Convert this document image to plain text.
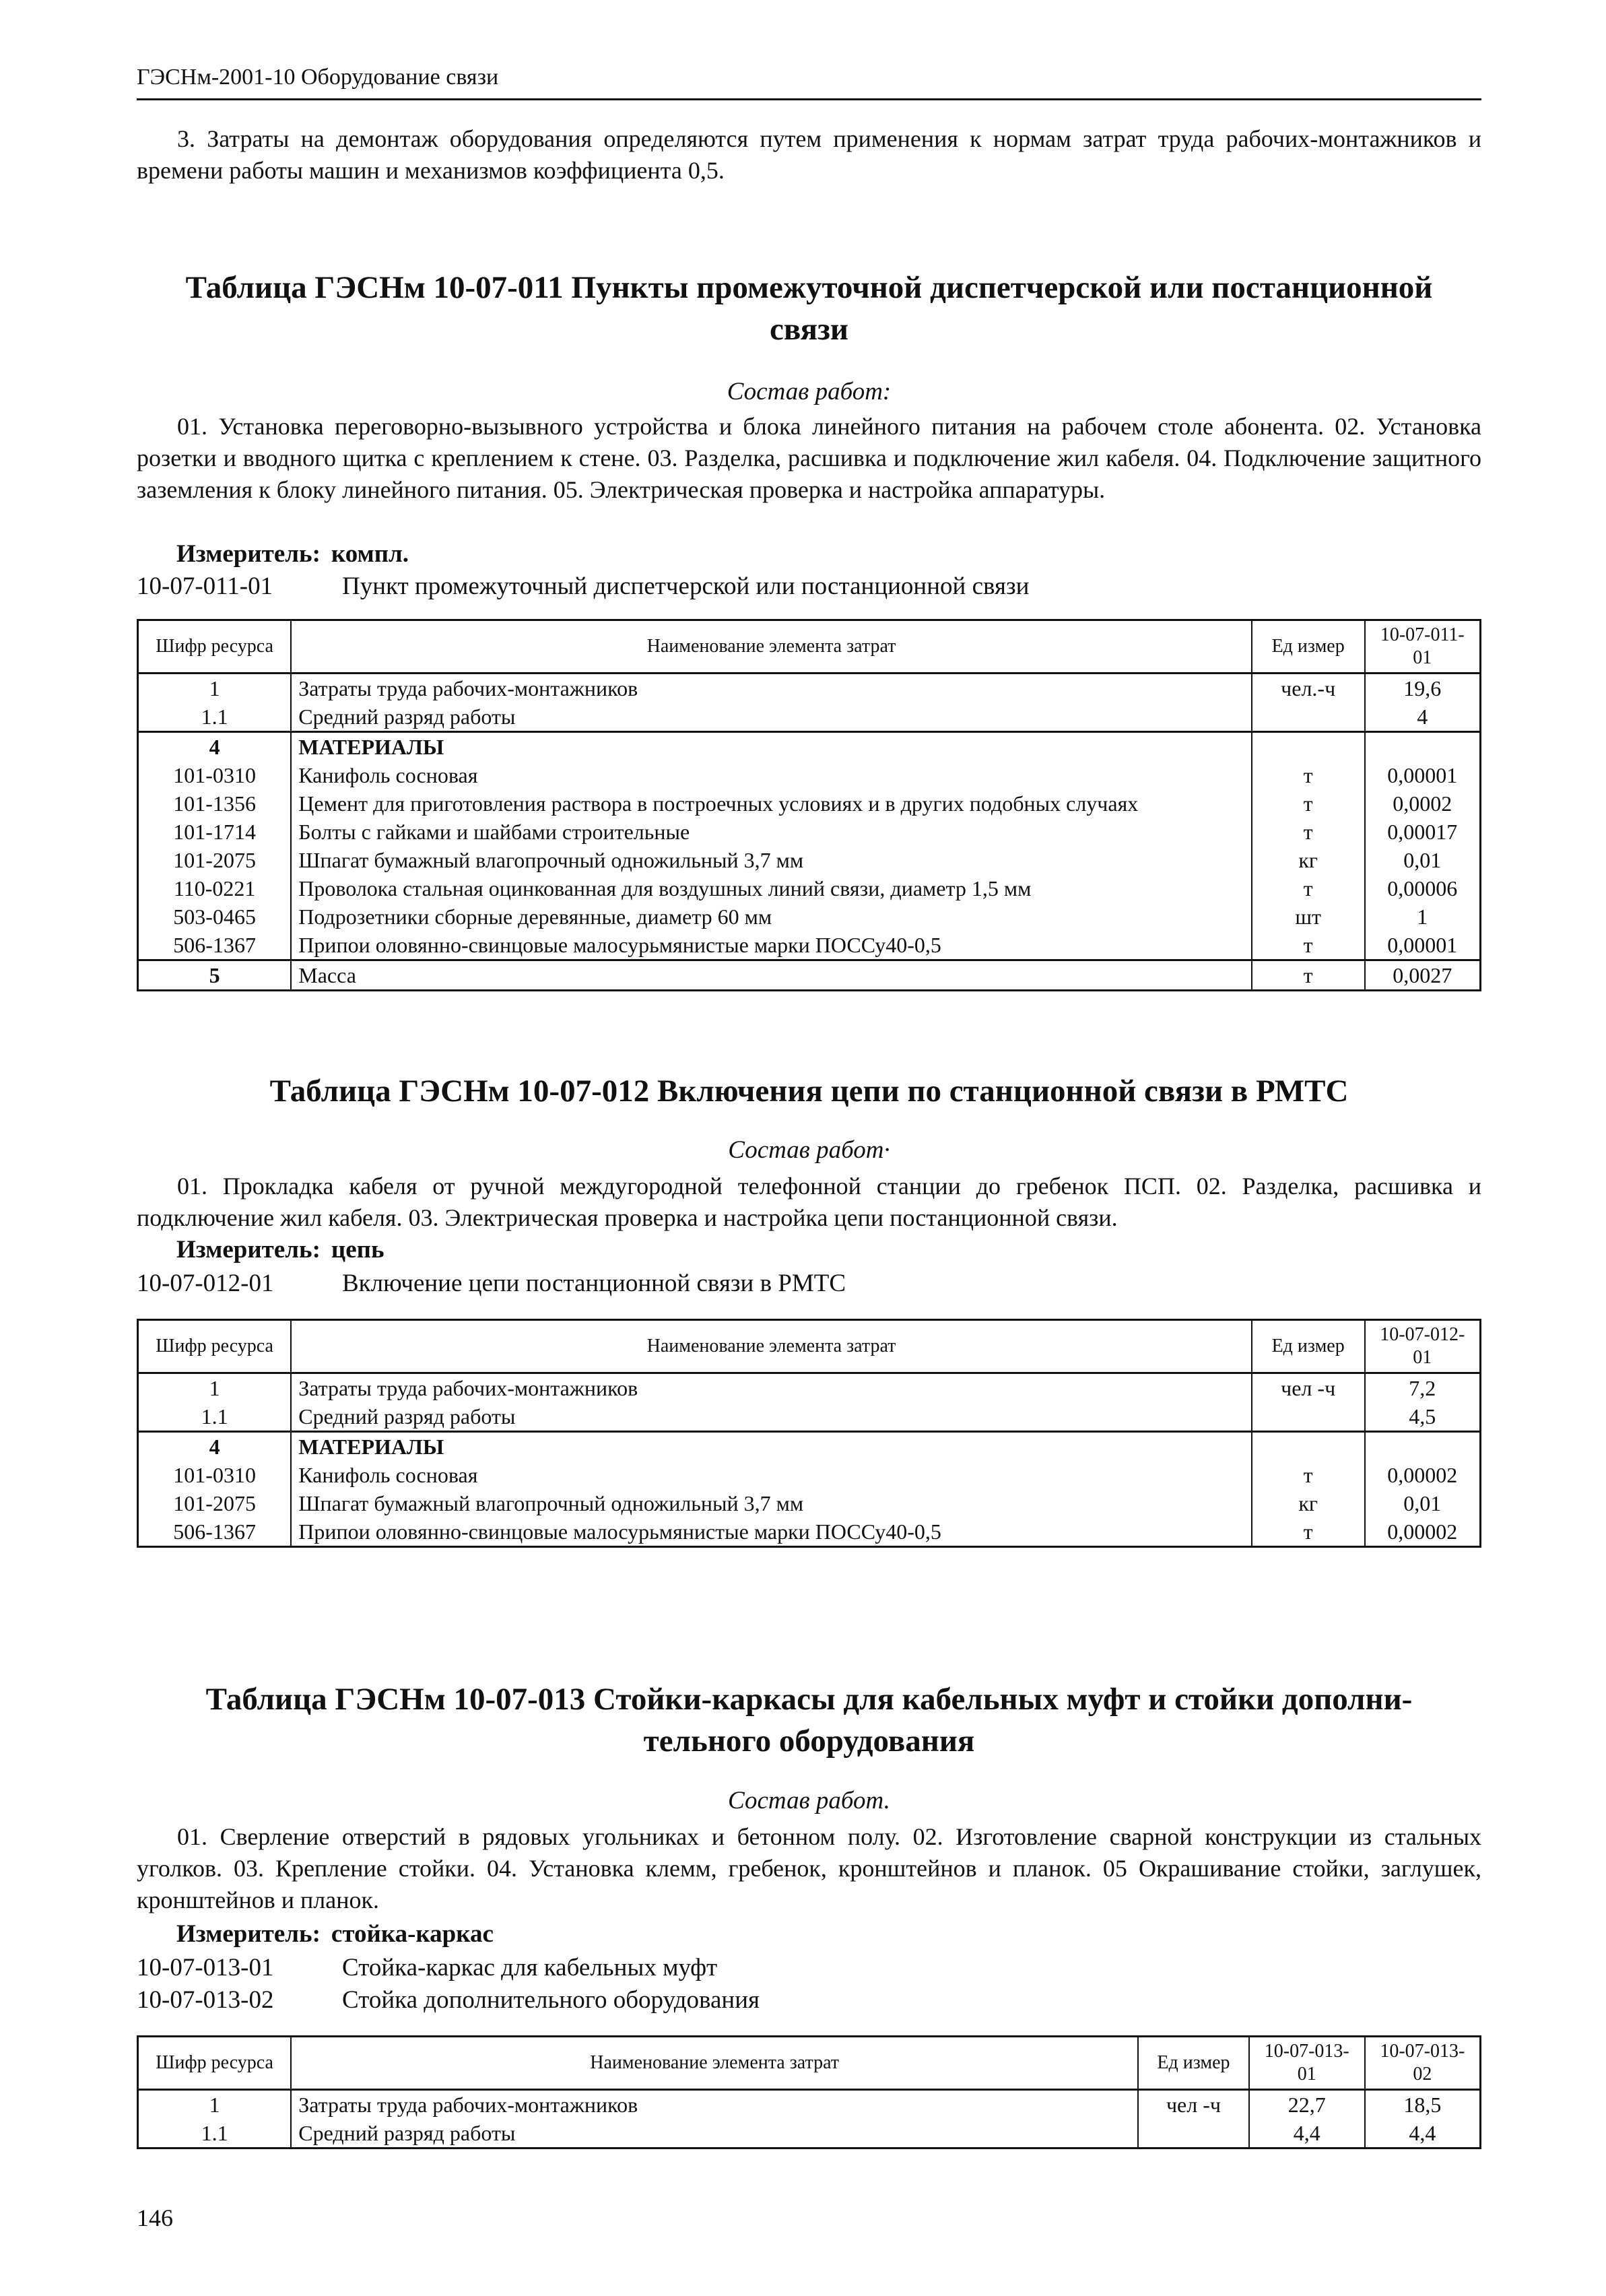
ГЭСНм-2001-10 Оборудование связи

3. Затраты на демонтаж оборудования определяются путем применения к нормам затрат труда рабочих-монтажников и времени работы машин и механизмов коэффициента 0,5.

Таблица ГЭСНм 10-07-011 Пункты промежуточной диспетчерской или постанционной
связи

Состав работ:

01. Установка переговорно-вызывного устройства и блока линейного питания на рабочем столе абонента. 02. Установка розетки и вводного щитка с креплением к стене. 03. Разделка, расшивка и подключение жил кабеля. 04. Подключение защитного заземления к блоку линейного питания. 05. Электрическая проверка и настройка аппаратуры.

Измеритель: компл.

10-07-011-01	Пункт промежуточный диспетчерской или постанционной связи

Шифр ресурса	Наименование элемента затрат	Ед измер	10-07-011-01
1	Затраты труда рабочих-монтажников	чел.-ч	19,6
1.1	Средний разряд работы		4
4	МАТЕРИАЛЫ		
101-0310	Канифоль сосновая	т	0,00001
101-1356	Цемент для приготовления раствора в построечных условиях и в других подобных случаях	т	0,0002
101-1714	Болты с гайками и шайбами строительные	т	0,00017
101-2075	Шпагат бумажный влагопрочный одножильный 3,7 мм	кг	0,01
110-0221	Проволока стальная оцинкованная для воздушных линий связи, диаметр 1,5 мм	т	0,00006
503-0465	Подрозетники сборные деревянные, диаметр 60 мм	шт	1
506-1367	Припои оловянно-свинцовые малосурьмянистые марки ПОССу40-0,5	т	0,00001
5	Масса	т	0,0027

Таблица ГЭСНм 10-07-012 Включения цепи по станционной связи в РМТС

Состав работ·

01. Прокладка кабеля от ручной междугородной телефонной станции до гребенок ПСП. 02. Разделка, расшивка и подключение жил кабеля. 03. Электрическая проверка и настройка цепи постанционной связи.

Измеритель: цепь

10-07-012-01	Включение цепи постанционной связи в РМТС

Шифр ресурса	Наименование элемента затрат	Ед измер	10-07-012-01
1	Затраты труда рабочих-монтажников	чел -ч	7,2
1.1	Средний разряд работы		4,5
4	МАТЕРИАЛЫ		
101-0310	Канифоль сосновая	т	0,00002
101-2075	Шпагат бумажный влагопрочный одножильный 3,7 мм	кг	0,01
506-1367	Припои оловянно-свинцовые малосурьмянистые марки ПОССу40-0,5	т	0,00002

Таблица ГЭСНм 10-07-013 Стойки-каркасы для кабельных муфт и стойки дополни-
тельного оборудования

Состав работ.

01. Сверление отверстий в рядовых угольниках и бетонном полу. 02. Изготовление сварной конструкции из стальных уголков. 03. Крепление стойки. 04. Установка клемм, гребенок, кронштейнов и планок. 05 Окрашивание стойки, заглушек, кронштейнов и планок.

Измеритель: стойка-каркас

10-07-013-01	Стойка-каркас для кабельных муфт

10-07-013-02	Стойка дополнительного оборудования

Шифр ресурса	Наименование элемента затрат	Ед измер	10-07-013-01	10-07-013-02
1	Затраты труда рабочих-монтажников	чел -ч	22,7	18,5
1.1	Средний разряд работы		4,4	4,4

146
